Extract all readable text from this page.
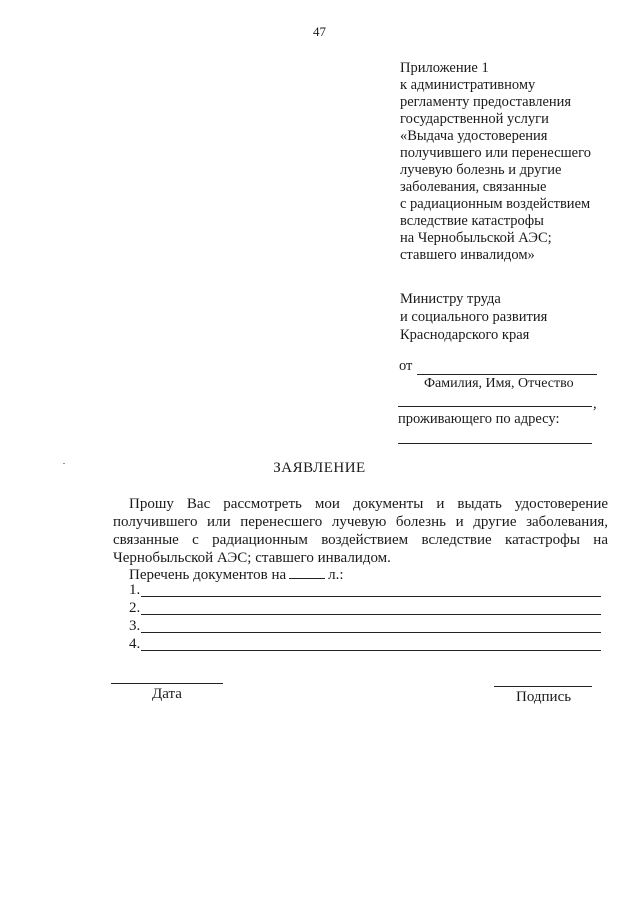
47
Приложение 1
к административному
регламенту предоставления
государственной услуги
«Выдача удостоверения
получившего или перенесшего
лучевую болезнь и другие
заболевания, связанные
с радиационным воздействием
вследствие катастрофы
на Чернобыльской АЭС;
ставшего инвалидом»
Министру труда
и социального развития
Краснодарского края
от
Фамилия, Имя, Отчество
,
проживающего по адресу:
ЗАЯВЛЕНИЕ
Прошу Вас рассмотреть мои документы и выдать удостоверение получившего или перенесшего лучевую болезнь и другие заболевания, связанные с радиационным воздействием вследствие катастрофы на Чернобыльской АЭС; ставшего инвалидом.
Перечень документов на	л.:
1.
2.
3.
4.
Дата	Подпись
